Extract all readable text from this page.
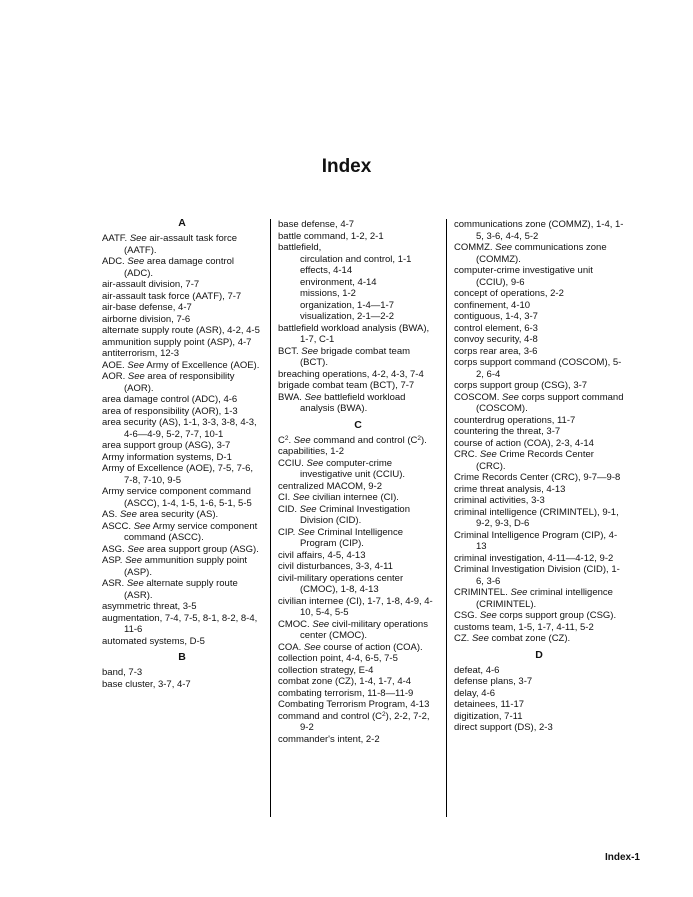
Index
A
AATF. See air-assault task force (AATF).
ADC. See area damage control (ADC).
air-assault division, 7-7
air-assault task force (AATF), 7-7
air-base defense, 4-7
airborne division, 7-6
alternate supply route (ASR), 4-2, 4-5
ammunition supply point (ASP), 4-7
antiterrorism, 12-3
AOE. See Army of Excellence (AOE).
AOR. See area of responsibility (AOR).
area damage control (ADC), 4-6
area of responsibility (AOR), 1-3
area security (AS), 1-1, 3-3, 3-8, 4-3, 4-6—4-9, 5-2, 7-7, 10-1
area support group (ASG), 3-7
Army information systems, D-1
Army of Excellence (AOE), 7-5, 7-6, 7-8, 7-10, 9-5
Army service component command (ASCC), 1-4, 1-5, 1-6, 5-1, 5-5
AS. See area security (AS).
ASCC. See Army service component command (ASCC).
ASG. See area support group (ASG).
ASP. See ammunition supply point (ASP).
ASR. See alternate supply route (ASR).
asymmetric threat, 3-5
augmentation, 7-4, 7-5, 8-1, 8-2, 8-4, 11-6
automated systems, D-5
B
band, 7-3
base cluster, 3-7, 4-7
base defense, 4-7
battle command, 1-2, 2-1
battlefield,
circulation and control, 1-1
effects, 4-14
environment, 4-14
missions, 1-2
organization, 1-4—1-7
visualization, 2-1—2-2
battlefield workload analysis (BWA), 1-7, C-1
BCT. See brigade combat team (BCT).
breaching operations, 4-2, 4-3, 7-4
brigade combat team (BCT), 7-7
BWA. See battlefield workload analysis (BWA).
C
$C^2$. See command and control $(C^2)$.
capabilities, 1-2
CCIU. See computer-crime investigative unit (CCIU).
centralized MACOM, 9-2
CI. See civilian internee (CI).
CID. See Criminal Investigation Division (CID).
CIP. See Criminal Intelligence Program (CIP).
civil affairs, 4-5, 4-13
civil disturbances, 3-3, 4-11
civil-military operations center (CMOC), 1-8, 4-13
civilian internee (CI), 1-7, 1-8, 4-9, 4-10, 5-4, 5-5
CMOC. See civil-military operations center (CMOC).
COA. See course of action (COA).
collection point, 4-4, 6-5, 7-5
collection strategy, E-4
combat zone (CZ), 1-4, 1-7, 4-4
combating terrorism, 11-8—11-9
Combating Terrorism Program, 4-13
command and control $(C^2)$, 2-2, 7-2, 9-2
commander's intent, 2-2
communications zone (COMMZ), 1-4, 1-5, 3-6, 4-4, 5-2
COMMZ. See communications zone (COMMZ).
computer-crime investigative unit (CCIU), 9-6
concept of operations, 2-2
confinement, 4-10
contiguous, 1-4, 3-7
control element, 6-3
convoy security, 4-8
corps rear area, 3-6
corps support command (COSCOM), 5-2, 6-4
corps support group (CSG), 3-7
COSCOM. See corps support command (COSCOM).
counterdrug operations, 11-7
countering the threat, 3-7
course of action (COA), 2-3, 4-14
CRC. See Crime Records Center (CRC).
Crime Records Center (CRC), 9-7—9-8
crime threat analysis, 4-13
criminal activities, 3-3
criminal intelligence (CRIMINTEL), 9-1, 9-2, 9-3, D-6
Criminal Intelligence Program (CIP), 4-13
criminal investigation, 4-11—4-12, 9-2
Criminal Investigation Division (CID), 1-6, 3-6
CRIMINTEL. See criminal intelligence (CRIMINTEL).
CSG. See corps support group (CSG).
customs team, 1-5, 1-7, 4-11, 5-2
CZ. See combat zone (CZ).
D
defeat, 4-6
defense plans, 3-7
delay, 4-6
detainees, 11-17
digitization, 7-11
direct support (DS), 2-3
Index-1
